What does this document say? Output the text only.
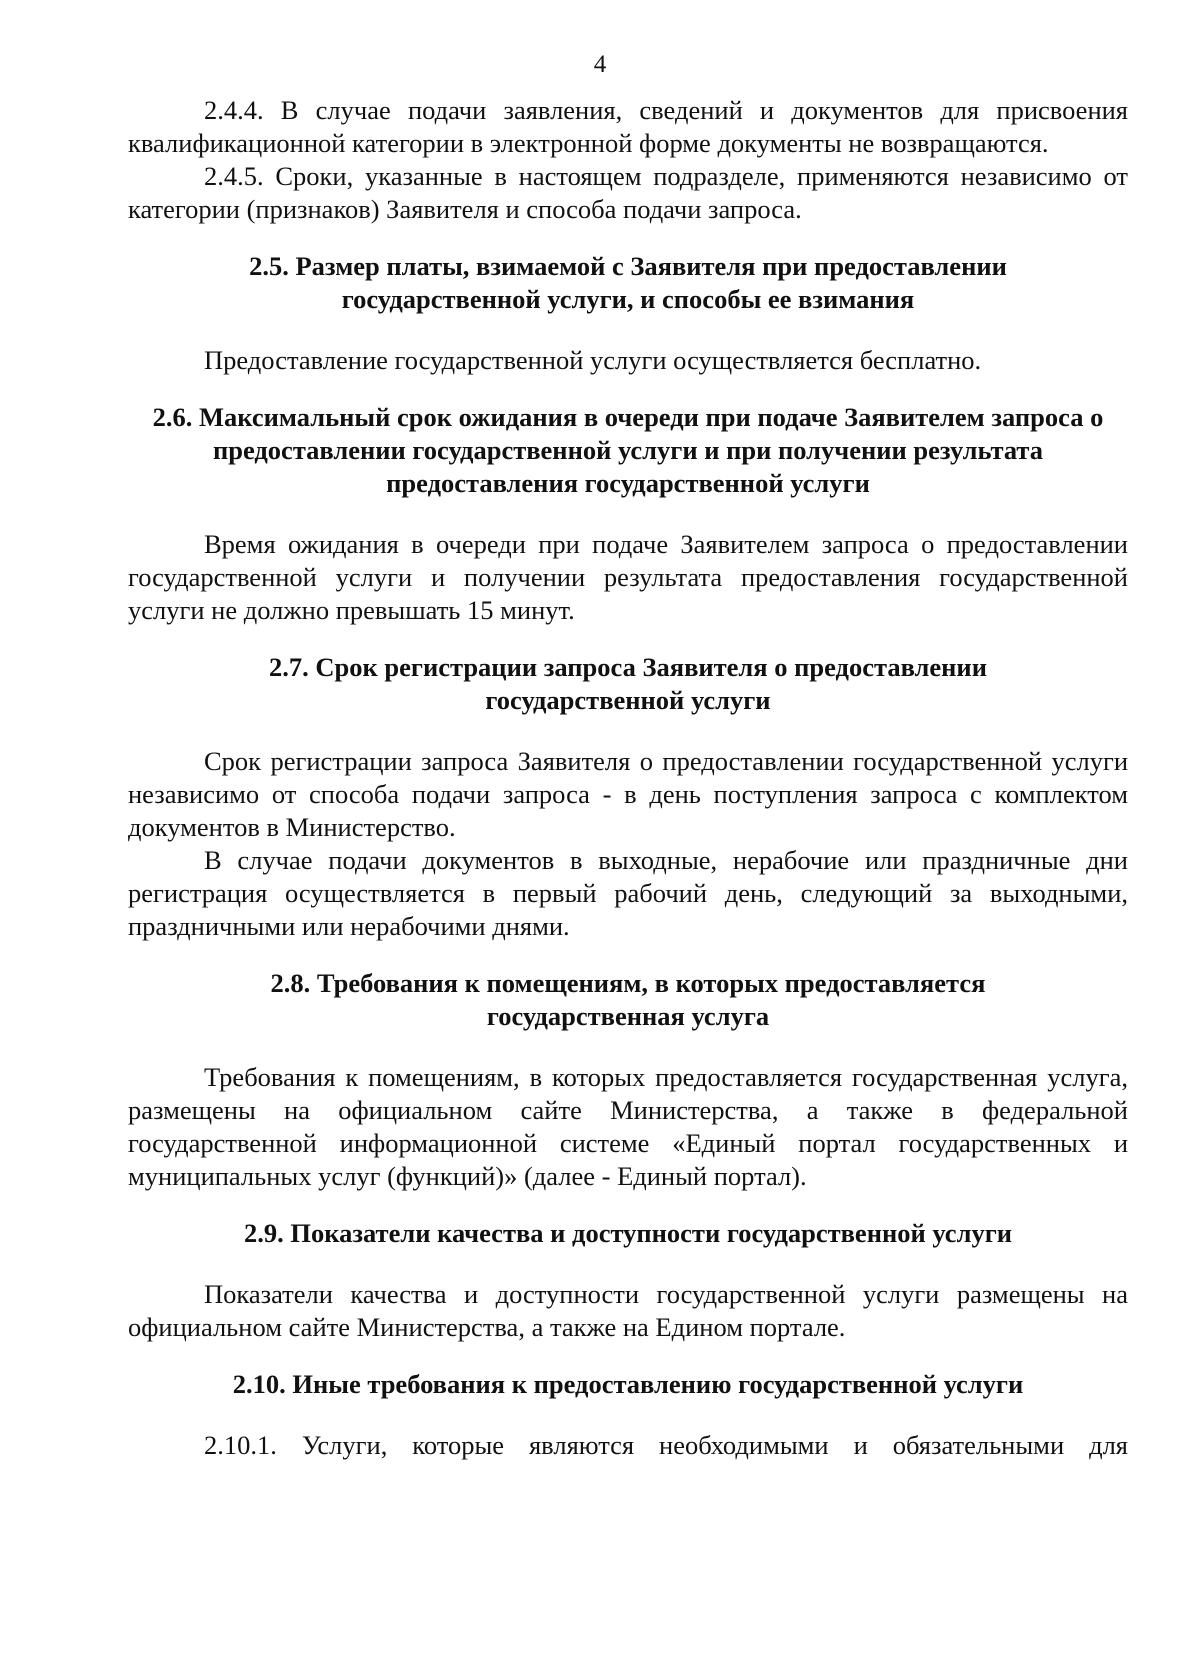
4

2.4.4. В случае подачи заявления, сведений и документов для присвоения квалификационной категории в электронной форме документы не возвращаются.

2.4.5. Сроки, указанные в настоящем подразделе, применяются независимо от категории (признаков) Заявителя и способа подачи запроса.

2.5. Размер платы, взимаемой с Заявителя при предоставлении государственной услуги, и способы ее взимания

Предоставление государственной услуги осуществляется бесплатно.

2.6. Максимальный срок ожидания в очереди при подаче Заявителем запроса о предоставлении государственной услуги и при получении результата предоставления государственной услуги

Время ожидания в очереди при подаче Заявителем запроса о предоставлении государственной услуги и получении результата предоставления государственной услуги не должно превышать 15 минут.

2.7. Срок регистрации запроса Заявителя о предоставлении государственной услуги

Срок регистрации запроса Заявителя о предоставлении государственной услуги независимо от способа подачи запроса - в день поступления запроса с комплектом документов в Министерство.

В случае подачи документов в выходные, нерабочие или праздничные дни регистрация осуществляется в первый рабочий день, следующий за выходными, праздничными или нерабочими днями.

2.8. Требования к помещениям, в которых предоставляется государственная услуга

Требования к помещениям, в которых предоставляется государственная услуга, размещены на официальном сайте Министерства, а также в федеральной государственной информационной системе «Единый портал государственных и муниципальных услуг (функций)» (далее - Единый портал).

2.9. Показатели качества и доступности государственной услуги

Показатели качества и доступности государственной услуги размещены на официальном сайте Министерства, а также на Едином портале.

2.10. Иные требования к предоставлению государственной услуги

2.10.1. Услуги, которые являются необходимыми и обязательными для
